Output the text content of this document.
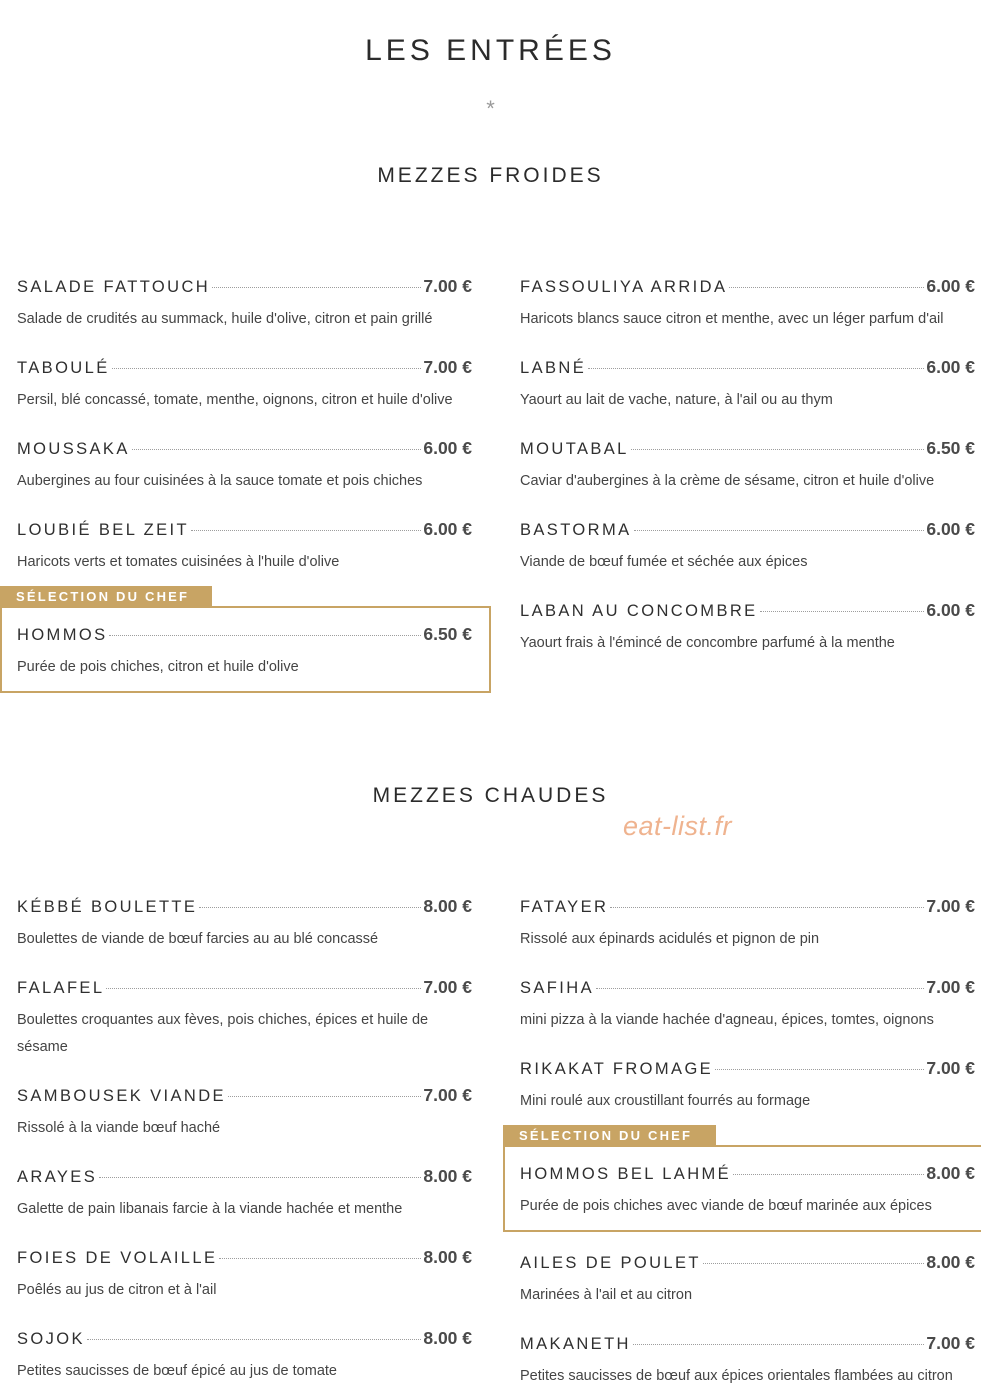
LES ENTRÉES
*
MEZZES FROIDES
SALADE FATTOUCH	7.00 €
Salade de crudités au summack, huile d'olive, citron et pain grillé
TABOULÉ	7.00 €
Persil, blé concassé, tomate, menthe, oignons, citron et huile d'olive
MOUSSAKA	6.00 €
Aubergines au four cuisinées à la sauce tomate et pois chiches
LOUBIÉ BEL ZEIT	6.00 €
Haricots verts et tomates cuisinées à l'huile d'olive
SÉLECTION DU CHEF
HOMMOS	6.50 €
Purée de pois chiches, citron et huile d'olive
FASSOULIYA ARRIDA	6.00 €
Haricots blancs sauce citron et menthe, avec un léger parfum d'ail
LABNÉ	6.00 €
Yaourt au lait de vache, nature, à l'ail ou au thym
MOUTABAL	6.50 €
Caviar d'aubergines à la crème de sésame, citron et huile d'olive
BASTORMA	6.00 €
Viande de bœuf fumée et séchée aux épices
LABAN AU CONCOMBRE	6.00 €
Yaourt frais à l'émincé de concombre parfumé à la menthe
MEZZES CHAUDES
eat-list.fr
KÉBBÉ BOULETTE	8.00 €
Boulettes de viande de bœuf farcies au au blé concassé
FALAFEL	7.00 €
Boulettes croquantes aux fèves, pois chiches, épices et huile de sésame
SAMBOUSEK VIANDE	7.00 €
Rissolé à la viande bœuf haché
ARAYES	8.00 €
Galette de pain libanais farcie à la viande hachée et menthe
FOIES DE VOLAILLE	8.00 €
Poêlés au jus de citron et à l'ail
SOJOK	8.00 €
Petites saucisses de bœuf épicé au jus de tomate
FATAYER	7.00 €
Rissolé aux épinards acidulés et pignon de pin
SAFIHA	7.00 €
mini pizza à la viande hachée d'agneau, épices, tomtes, oignons
RIKAKAT FROMAGE	7.00 €
Mini roulé aux croustillant fourrés au formage
SÉLECTION DU CHEF
HOMMOS BEL LAHMÉ	8.00 €
Purée de pois chiches avec viande de bœuf marinée aux épices
AILES DE POULET	8.00 €
Marinées à l'ail et au citron
MAKANETH	7.00 €
Petites saucisses de bœuf aux épices orientales flambées au citron
